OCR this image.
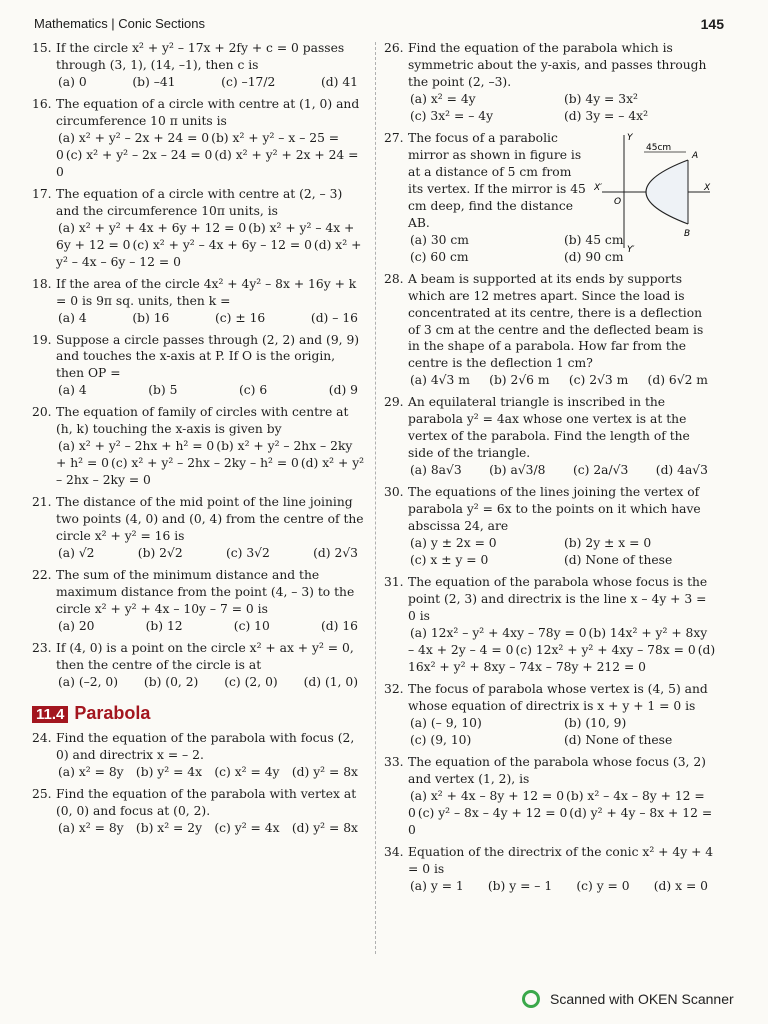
Mathematics | Conic Sections	145
15. If the circle x² + y² – 17x + 2fy + c = 0 passes through (3, 1), (14, –1), then c is
(a) 0	(b) –41	(c) –17/2	(d) 41
16. The equation of a circle with centre at (1, 0) and circumference 10 π units is
(a) x² + y² – 2x + 24 = 0 (b) x² + y² – x – 25 = 0 (c) x² + y² – 2x – 24 = 0 (d) x² + y² + 2x + 24 = 0
17. The equation of a circle with centre at (2, – 3) and the circumference 10π units, is
(a) x² + y² + 4x + 6y + 12 = 0 (b) x² + y² – 4x + 6y + 12 = 0 (c) x² + y² – 4x + 6y – 12 = 0 (d) x² + y² – 4x – 6y – 12 = 0
18. If the area of the circle 4x² + 4y² – 8x + 16y + k = 0 is 9π sq. units, then k =
(a) 4	(b) 16	(c) ± 16	(d) – 16
19. Suppose a circle passes through (2, 2) and (9, 9) and touches the x-axis at P. If O is the origin, then OP =
(a) 4	(b) 5	(c) 6	(d) 9
20. The equation of family of circles with centre at (h, k) touching the x-axis is given by
(a) x² + y² – 2hx + h² = 0 (b) x² + y² – 2hx – 2ky + h² = 0 (c) x² + y² – 2hx – 2ky – h² = 0 (d) x² + y² – 2hx – 2ky = 0
21. The distance of the mid point of the line joining two points (4, 0) and (0, 4) from the centre of the circle x² + y² = 16 is
(a) √2	(b) 2√2	(c) 3√2	(d) 2√3
22. The sum of the minimum distance and the maximum distance from the point (4, – 3) to the circle x² + y² + 4x – 10y – 7 = 0 is
(a) 20	(b) 12	(c) 10	(d) 16
23. If (4, 0) is a point on the circle x² + ax + y² = 0, then the centre of the circle is at
(a) (–2, 0) (b) (0, 2) (c) (2, 0) (d) (1, 0)
11.4 Parabola
24. Find the equation of the parabola with focus (2, 0) and directrix x = – 2.
(a) x² = 8y (b) y² = 4x (c) x² = 4y (d) y² = 8x
25. Find the equation of the parabola with vertex at (0, 0) and focus at (0, 2).
(a) x² = 8y (b) x² = 2y (c) y² = 4x (d) y² = 8x
26. Find the equation of the parabola which is symmetric about the y-axis, and passes through the point (2, –3).
(a) x² = 4y	(b) 4y = 3x²
(c) 3x² = – 4y	(d) 3y = – 4x²
27. The focus of a parabolic mirror as shown in figure is at a distance of 5 cm from its vertex. If the mirror is 45 cm deep, find the distance AB.
(a) 30 cm	(b) 45 cm
(c) 60 cm	(d) 90 cm
45cm
A
B
O
X
X′
Y
Y′
28. A beam is supported at its ends by supports which are 12 metres apart. Since the load is concentrated at its centre, there is a deflection of 3 cm at the centre and the deflected beam is in the shape of a parabola. How far from the centre is the deflection 1 cm?
(a) 4√3 m (b) 2√6 m (c) 2√3 m (d) 6√2 m
29. An equilateral triangle is inscribed in the parabola y² = 4ax whose one vertex is at the vertex of the parabola. Find the length of the side of the triangle.
(a) 8a√3 (b) a√3/8 (c) 2a/√3 (d) 4a√3
30. The equations of the lines joining the vertex of parabola y² = 6x to the points on it which have abscissa 24, are
(a) y ± 2x = 0	(b) 2y ± x = 0
(c) x ± y = 0	(d) None of these
31. The equation of the parabola whose focus is the point (2, 3) and directrix is the line x – 4y + 3 = 0 is
(a) 12x² – y² + 4xy – 78y = 0 (b) 14x² + y² + 8xy – 4x + 2y – 4 = 0 (c) 12x² + y² + 4xy – 78x = 0 (d) 16x² + y² + 8xy – 74x – 78y + 212 = 0
32. The focus of parabola whose vertex is (4, 5) and whose equation of directrix is x + y + 1 = 0 is
(a) (– 9, 10)	(b) (10, 9)
(c) (9, 10)	(d) None of these
33. The equation of the parabola whose focus (3, 2) and vertex (1, 2), is
(a) x² + 4x – 8y + 12 = 0 (b) x² – 4x – 8y + 12 = 0 (c) y² – 8x – 4y + 12 = 0 (d) y² + 4y – 8x + 12 = 0
34. Equation of the directrix of the conic x² + 4y + 4 = 0 is
(a) y = 1 (b) y = – 1 (c) y = 0 (d) x = 0
Scanned with OKEN Scanner
